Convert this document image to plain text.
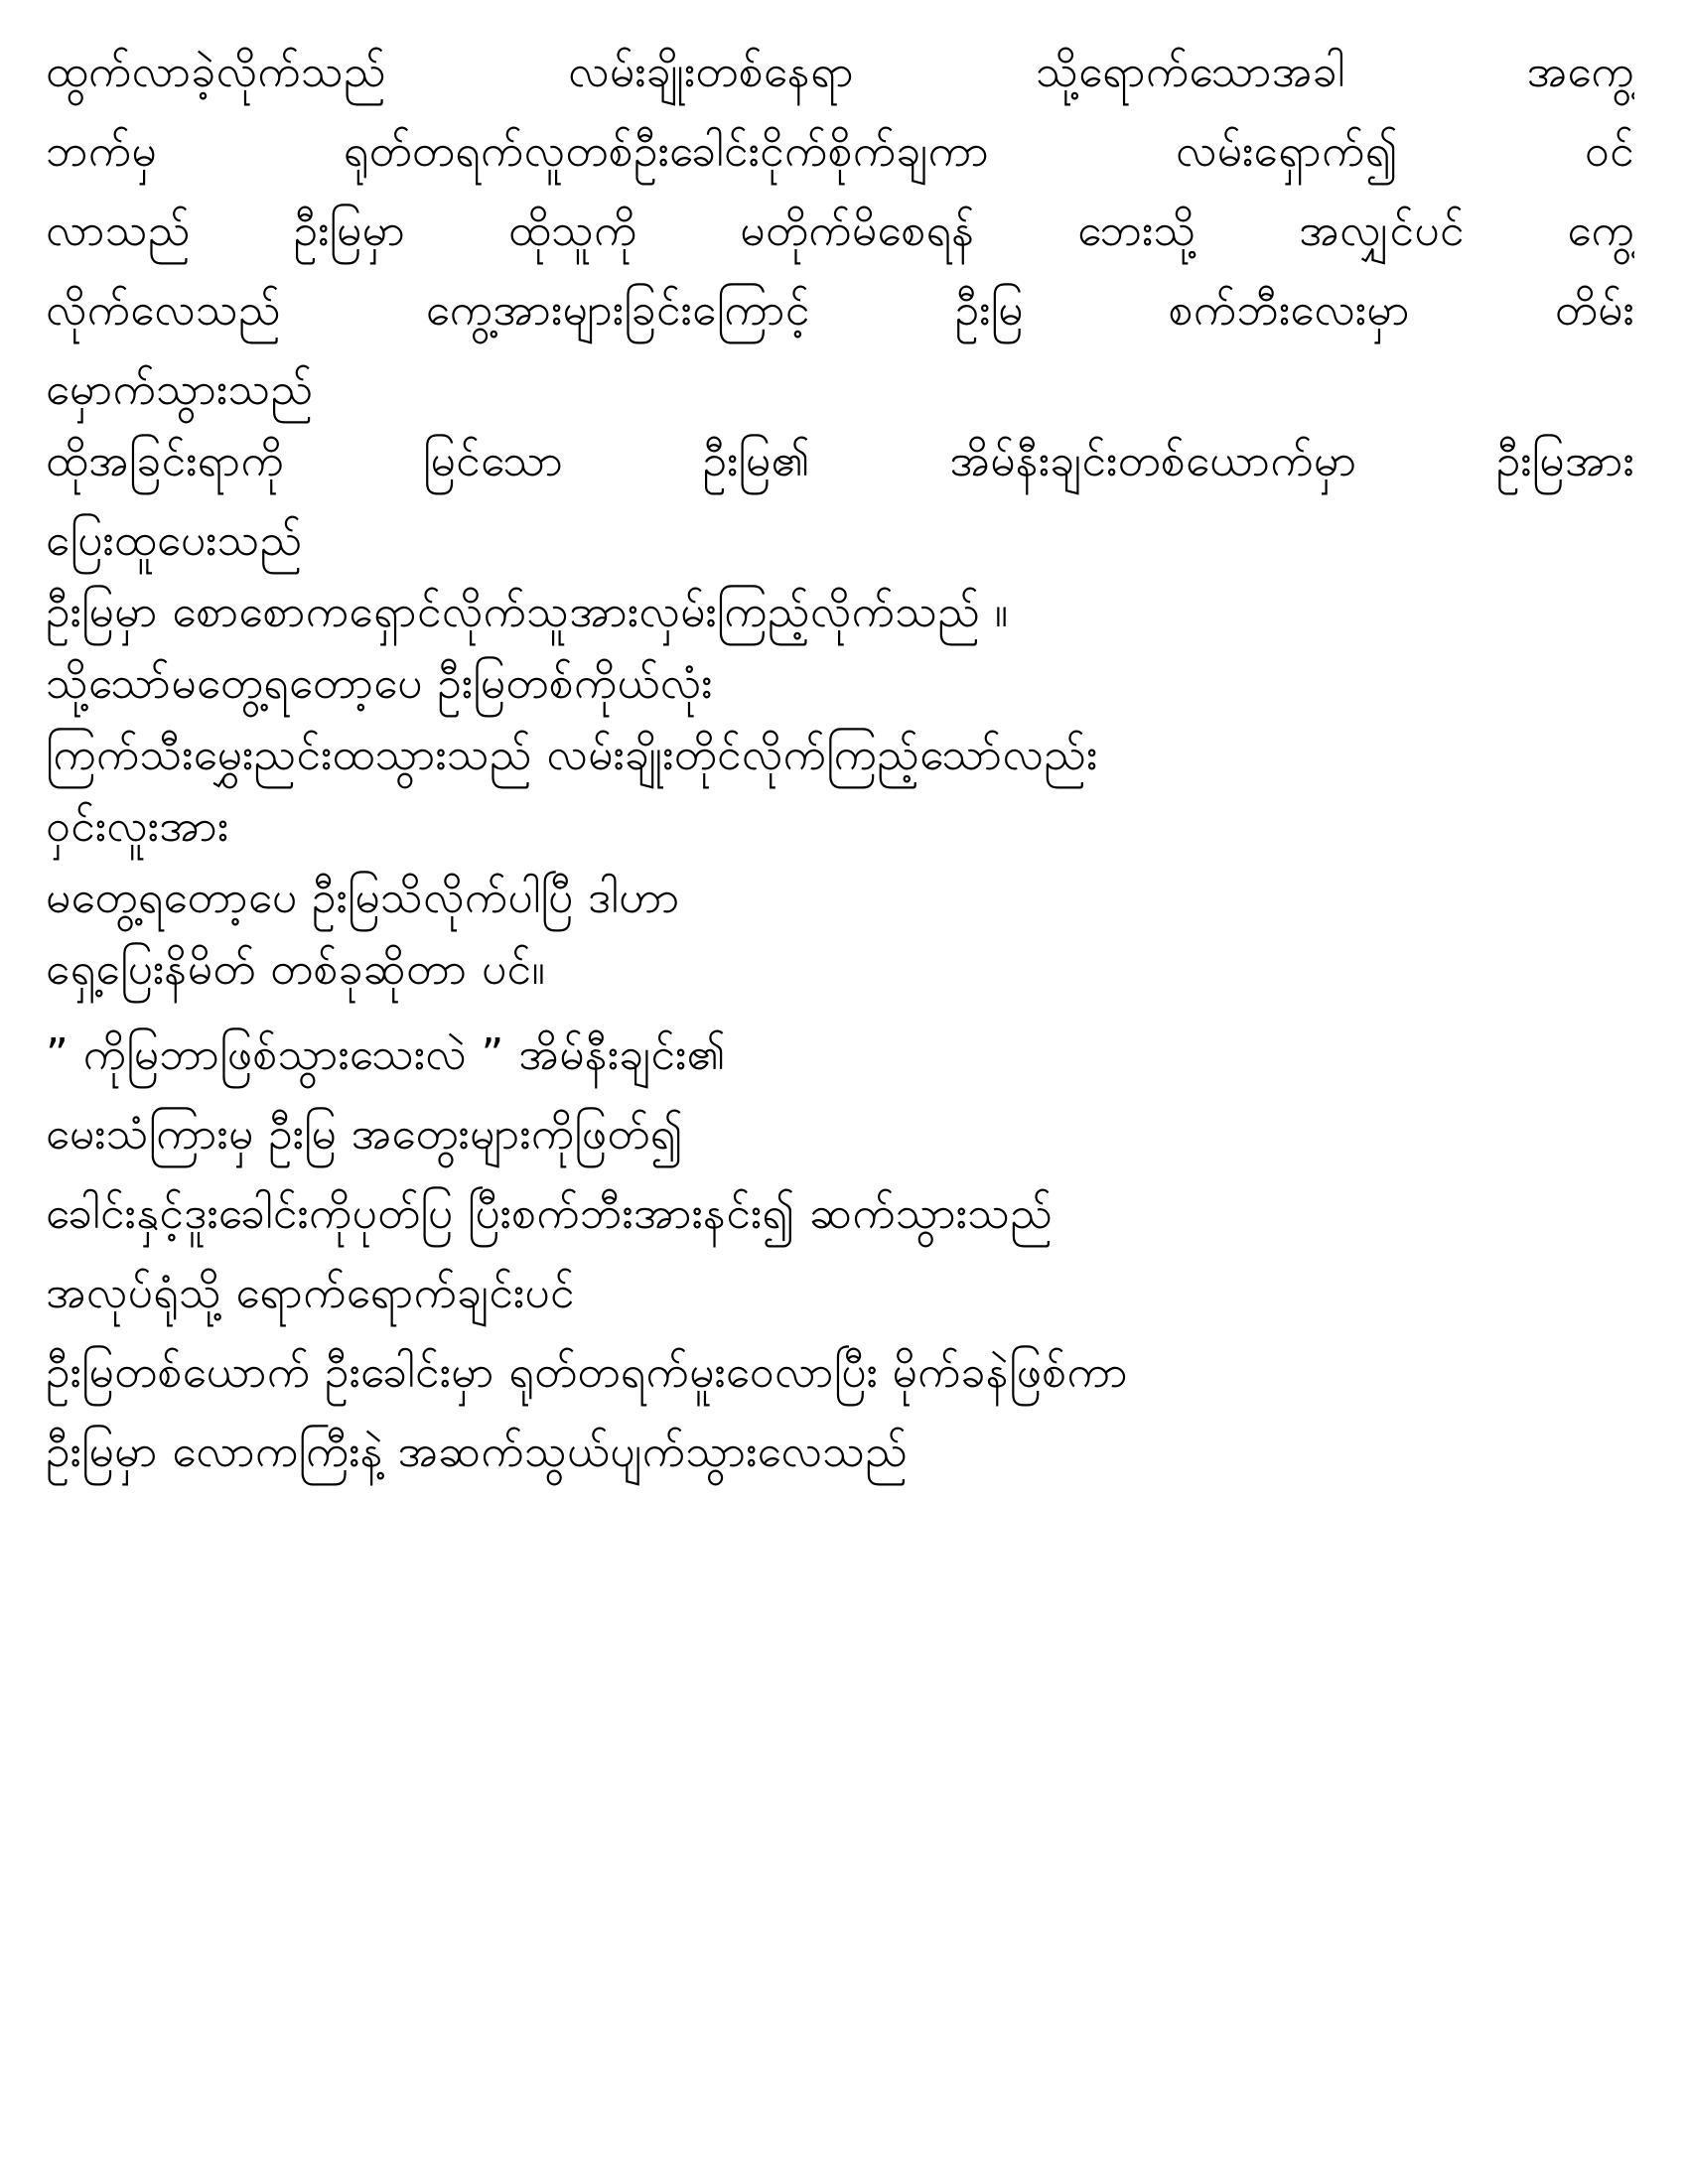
ထွက်လာခဲ့လိုက်သည် လမ်းချိုးတစ်နေရာ သို့ရောက်သောအခါ အကွေ့
ဘက်မှ ရုတ်တရက်လူတစ်ဦးခေါင်းငိုက်စိုက်ချကာ လမ်းရှောက်၍ ဝင်
လာသည် ဦးမြမှာ ထိုသူကို မတိုက်မိစေရန် ဘေးသို့ အလျှင်ပင် ကွေ့
လိုက်လေသည် ကွေ့အားများခြင်းကြောင့် ဦးမြ စက်ဘီးလေးမှာ တိမ်း
မှောက်သွားသည်
ထိုအခြင်းရာကို မြင်သော ဦးမြ၏ အိမ်နီးချင်းတစ်ယောက်မှာ ဦးမြအား
ပြေးထူပေးသည်
ဦးမြမှာ စောစောကရှောင်လိုက်သူအားလှမ်းကြည့်လိုက်သည် ။
သို့သော်မတွေ့ရတော့ပေ ဦးမြတစ်ကိုယ်လုံး
ကြက်သီးမွှေးညင်းထသွားသည် လမ်းချိုးတိုင်လိုက်ကြည့်သော်လည်း
ဝှင်းလူးအား
မတွေ့ရတော့ပေ ဦးမြသိလိုက်ပါပြီ ဒါဟာ
ရှေ့ပြေးနိမိတ် တစ်ခုဆိုတာ ပင်။
” ကိုမြဘာဖြစ်သွားသေးလဲ ” အိမ်နီးချင်း၏
မေးသံကြားမှ ဦးမြ အတွေးများကိုဖြတ်၍
ခေါင်းနှင့်ဒူးခေါင်းကိုပုတ်ပြ ပြီးစက်ဘီးအားနင်း၍ ဆက်သွားသည်
အလုပ်ရုံသို့ ရောက်ရောက်ချင်းပင်
ဦးမြတစ်ယောက် ဦးခေါင်းမှာ ရုတ်တရက်မူးဝေလာပြီး မိုက်ခနဲဖြစ်ကာ
ဦးမြမှာ လောကကြီးနဲ့ အဆက်သွယ်ပျက်သွားလေသည်
